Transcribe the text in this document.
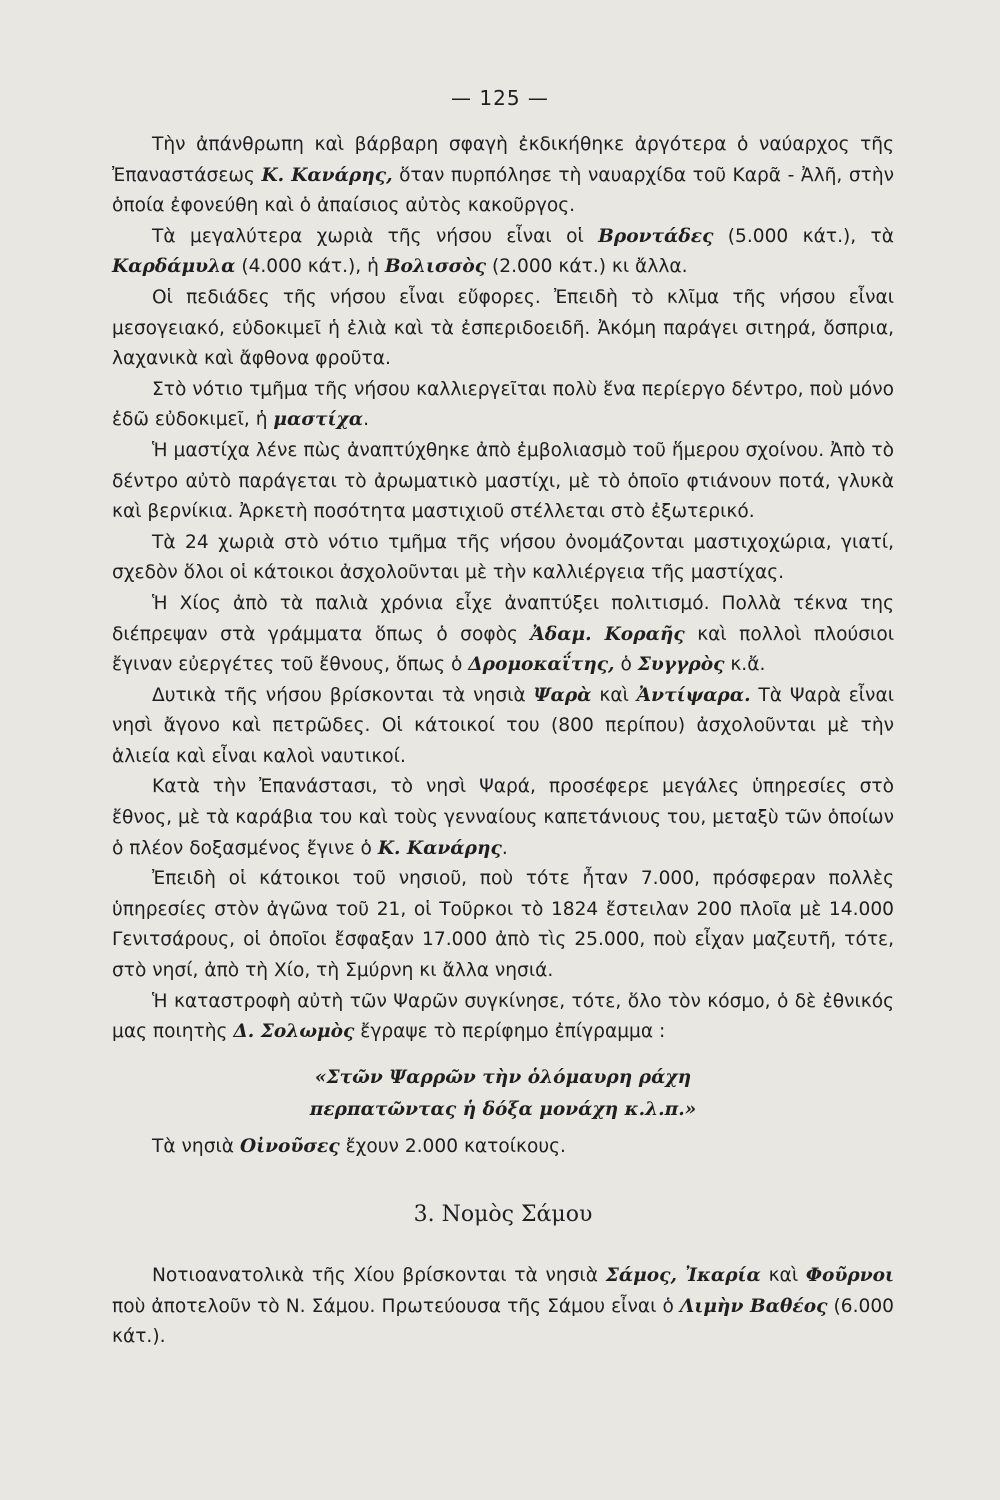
— 125 —

Τὴν ἀπάνθρωπη καὶ βάρβαρη σφαγὴ ἐκδικήθηκε ἀργότερα ὁ ναύαρχος τῆς Ἐπαναστάσεως Κ. Κανάρης, ὅταν πυρπόλησε τὴ ναυαρχίδα τοῦ Καρᾶ - Ἀλῆ, στὴν ὁποία ἐφονεύθη καὶ ὁ ἀπαίσιος αὐτὸς κακοῦργος.

Τὰ μεγαλύτερα χωριὰ τῆς νήσου εἶναι οἱ Βροντάδες (5.000 κάτ.), τὰ Καρδάμυλα (4.000 κάτ.), ἡ Βολισσὸς (2.000 κάτ.) κι ἄλλα.

Οἱ πεδιάδες τῆς νήσου εἶναι εὔφορες. Ἐπειδὴ τὸ κλῖμα τῆς νήσου εἶναι μεσογειακό, εὐδοκιμεῖ ἡ ἐλιὰ καὶ τὰ ἐσπεριδοειδῆ. Ἀκόμη παράγει σιτηρά, ὄσπρια, λαχανικὰ καὶ ἄφθονα φροῦτα.

Στὸ νότιο τμῆμα τῆς νήσου καλλιεργεῖται πολὺ ἕνα περίεργο δέντρο, ποὺ μόνο ἐδῶ εὐδοκιμεῖ, ἡ μαστίχα.

Ἡ μαστίχα λένε πὼς ἀναπτύχθηκε ἀπὸ ἐμβολιασμὸ τοῦ ἥμερου σχοίνου. Ἀπὸ τὸ δέντρο αὐτὸ παράγεται τὸ ἀρωματικὸ μαστίχι, μὲ τὸ ὁποῖο φτιάνουν ποτά, γλυκὰ καὶ βερνίκια. Ἀρκετὴ ποσότητα μαστιχιοῦ στέλλεται στὸ ἐξωτερικό.

Τὰ 24 χωριὰ στὸ νότιο τμῆμα τῆς νήσου ὀνομάζονται μαστιχοχώρια, γιατί, σχεδὸν ὅλοι οἱ κάτοικοι ἀσχολοῦνται μὲ τὴν καλλιέργεια τῆς μαστίχας.

Ἡ Χίος ἀπὸ τὰ παλιὰ χρόνια εἶχε ἀναπτύξει πολιτισμό. Πολλὰ τέκνα της διέπρεψαν στὰ γράμματα ὅπως ὁ σοφὸς Ἀδαμ. Κοραῆς καὶ πολλοὶ πλούσιοι ἔγιναν εὐεργέτες τοῦ ἔθνους, ὅπως ὁ Δρομοκαΐτης, ὁ Συγγρὸς κ.ἄ.

Δυτικὰ τῆς νήσου βρίσκονται τὰ νησιὰ Ψαρὰ καὶ Ἀντίψαρα. Τὰ Ψαρὰ εἶναι νησὶ ἄγονο καὶ πετρῶδες. Οἱ κάτοικοί του (800 περίπου) ἀσχολοῦνται μὲ τὴν ἁλιεία καὶ εἶναι καλοὶ ναυτικοί.

Κατὰ τὴν Ἐπανάστασι, τὸ νησὶ Ψαρά, προσέφερε μεγάλες ὑπηρεσίες στὸ ἔθνος, μὲ τὰ καράβια του καὶ τοὺς γενναίους καπετάνιους του, μεταξὺ τῶν ὁποίων ὁ πλέον δοξασμένος ἔγινε ὁ Κ. Κανάρης.

Ἐπειδὴ οἱ κάτοικοι τοῦ νησιοῦ, ποὺ τότε ἦταν 7.000, πρόσφεραν πολλὲς ὑπηρεσίες στὸν ἀγῶνα τοῦ 21, οἱ Τοῦρκοι τὸ 1824 ἔστειλαν 200 πλοῖα μὲ 14.000 Γενιτσάρους, οἱ ὁποῖοι ἔσφαξαν 17.000 ἀπὸ τὶς 25.000, ποὺ εἶχαν μαζευτῆ, τότε, στὸ νησί, ἀπὸ τὴ Χίο, τὴ Σμύρνη κι ἄλλα νησιά.

Ἡ καταστροφὴ αὐτὴ τῶν Ψαρῶν συγκίνησε, τότε, ὅλο τὸν κόσμο, ὁ δὲ ἐθνικός μας ποιητὴς Δ. Σολωμὸς ἔγραψε τὸ περίφημο ἐπίγραμμα :

«Στῶν Ψαρρῶν τὴν ὁλόμαυρη ράχη
περπατῶντας ἡ δόξα μονάχη κ.λ.π.»

Τὰ νησιὰ Οἰνοῦσες ἔχουν 2.000 κατοίκους.

3. Νομὸς Σάμου

Νοτιοανατολικὰ τῆς Χίου βρίσκονται τὰ νησιὰ Σάμος, Ἰκαρία καὶ Φοῦρνοι ποὺ ἀποτελοῦν τὸ Ν. Σάμου. Πρωτεύουσα τῆς Σάμου εἶναι ὁ Λιμὴν Βαθέος (6.000 κάτ.).
